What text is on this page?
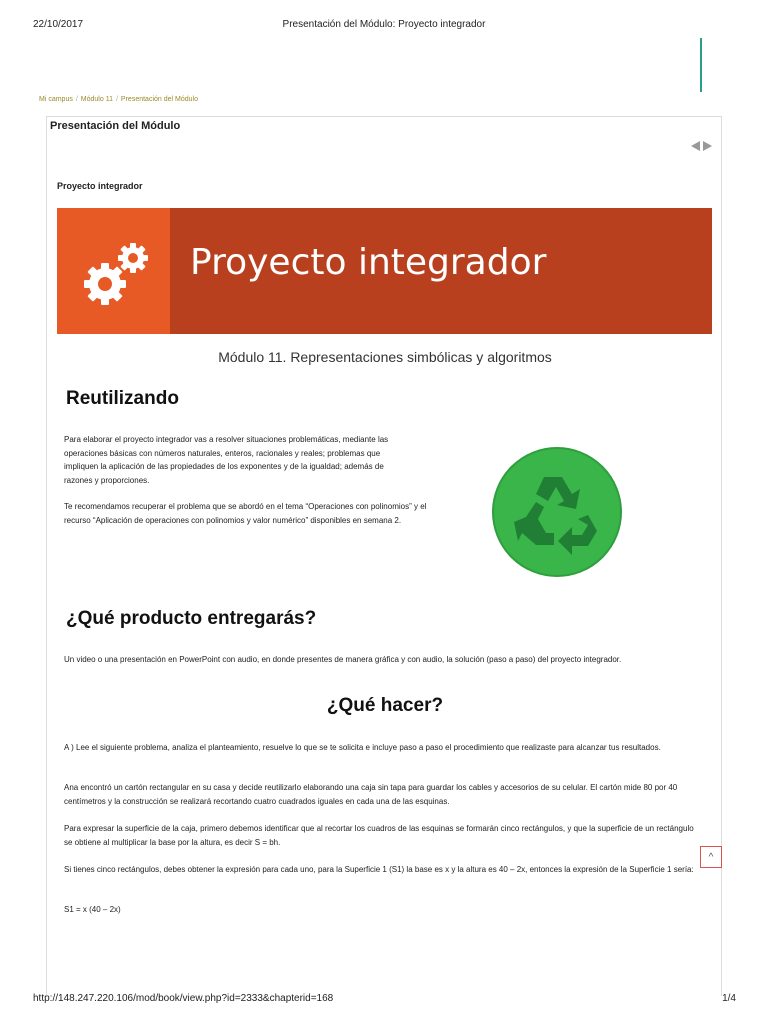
22/10/2017	Presentación del Módulo: Proyecto integrador
Mi campus / Módulo 11 / Presentación del Módulo
Presentación del Módulo
Proyecto integrador
Proyecto integrador
Módulo 11. Representaciones simbólicas y algoritmos
Reutilizando
Para elaborar el proyecto integrador vas a resolver situaciones problemáticas, mediante las operaciones básicas con números naturales, enteros, racionales y reales; problemas que impliquen la aplicación de las propiedades de los exponentes y de la igualdad; además de razones y proporciones.
Te recomendamos recuperar el problema que se abordó en el tema “Operaciones con polinomios” y el recurso “Aplicación de operaciones con polinomios y valor numérico” disponibles en semana 2.
¿Qué producto entregarás?
Un video o una presentación en PowerPoint con audio, en donde presentes de manera gráfica y con audio, la solución (paso a paso) del proyecto integrador.
¿Qué hacer?
A ) Lee el siguiente problema, analiza el planteamiento, resuelve lo que se te solicita e incluye paso a paso el procedimiento que realizaste para alcanzar tus resultados.
Ana encontró un cartón rectangular en su casa y decide reutilizarlo elaborando una caja sin tapa para guardar los cables y accesorios de su celular. El cartón mide 80 por 40 centímetros y la construcción se realizará recortando cuatro cuadrados iguales en cada una de las esquinas.
Para expresar la superficie de la caja, primero debemos identificar que al recortar los cuadros de las esquinas se formarán cinco rectángulos, y que la superficie de un rectángulo se obtiene al multiplicar la base por la altura, es decir S = bh.
Si tienes cinco rectángulos, debes obtener la expresión para cada uno, para la Superficie 1 (S1) la base es x y la altura es 40 – 2x, entonces la expresión de la Superficie 1 sería:
S1 = x (40 – 2x)
^
http://148.247.220.106/mod/book/view.php?id=2333&chapterid=168	1/4
